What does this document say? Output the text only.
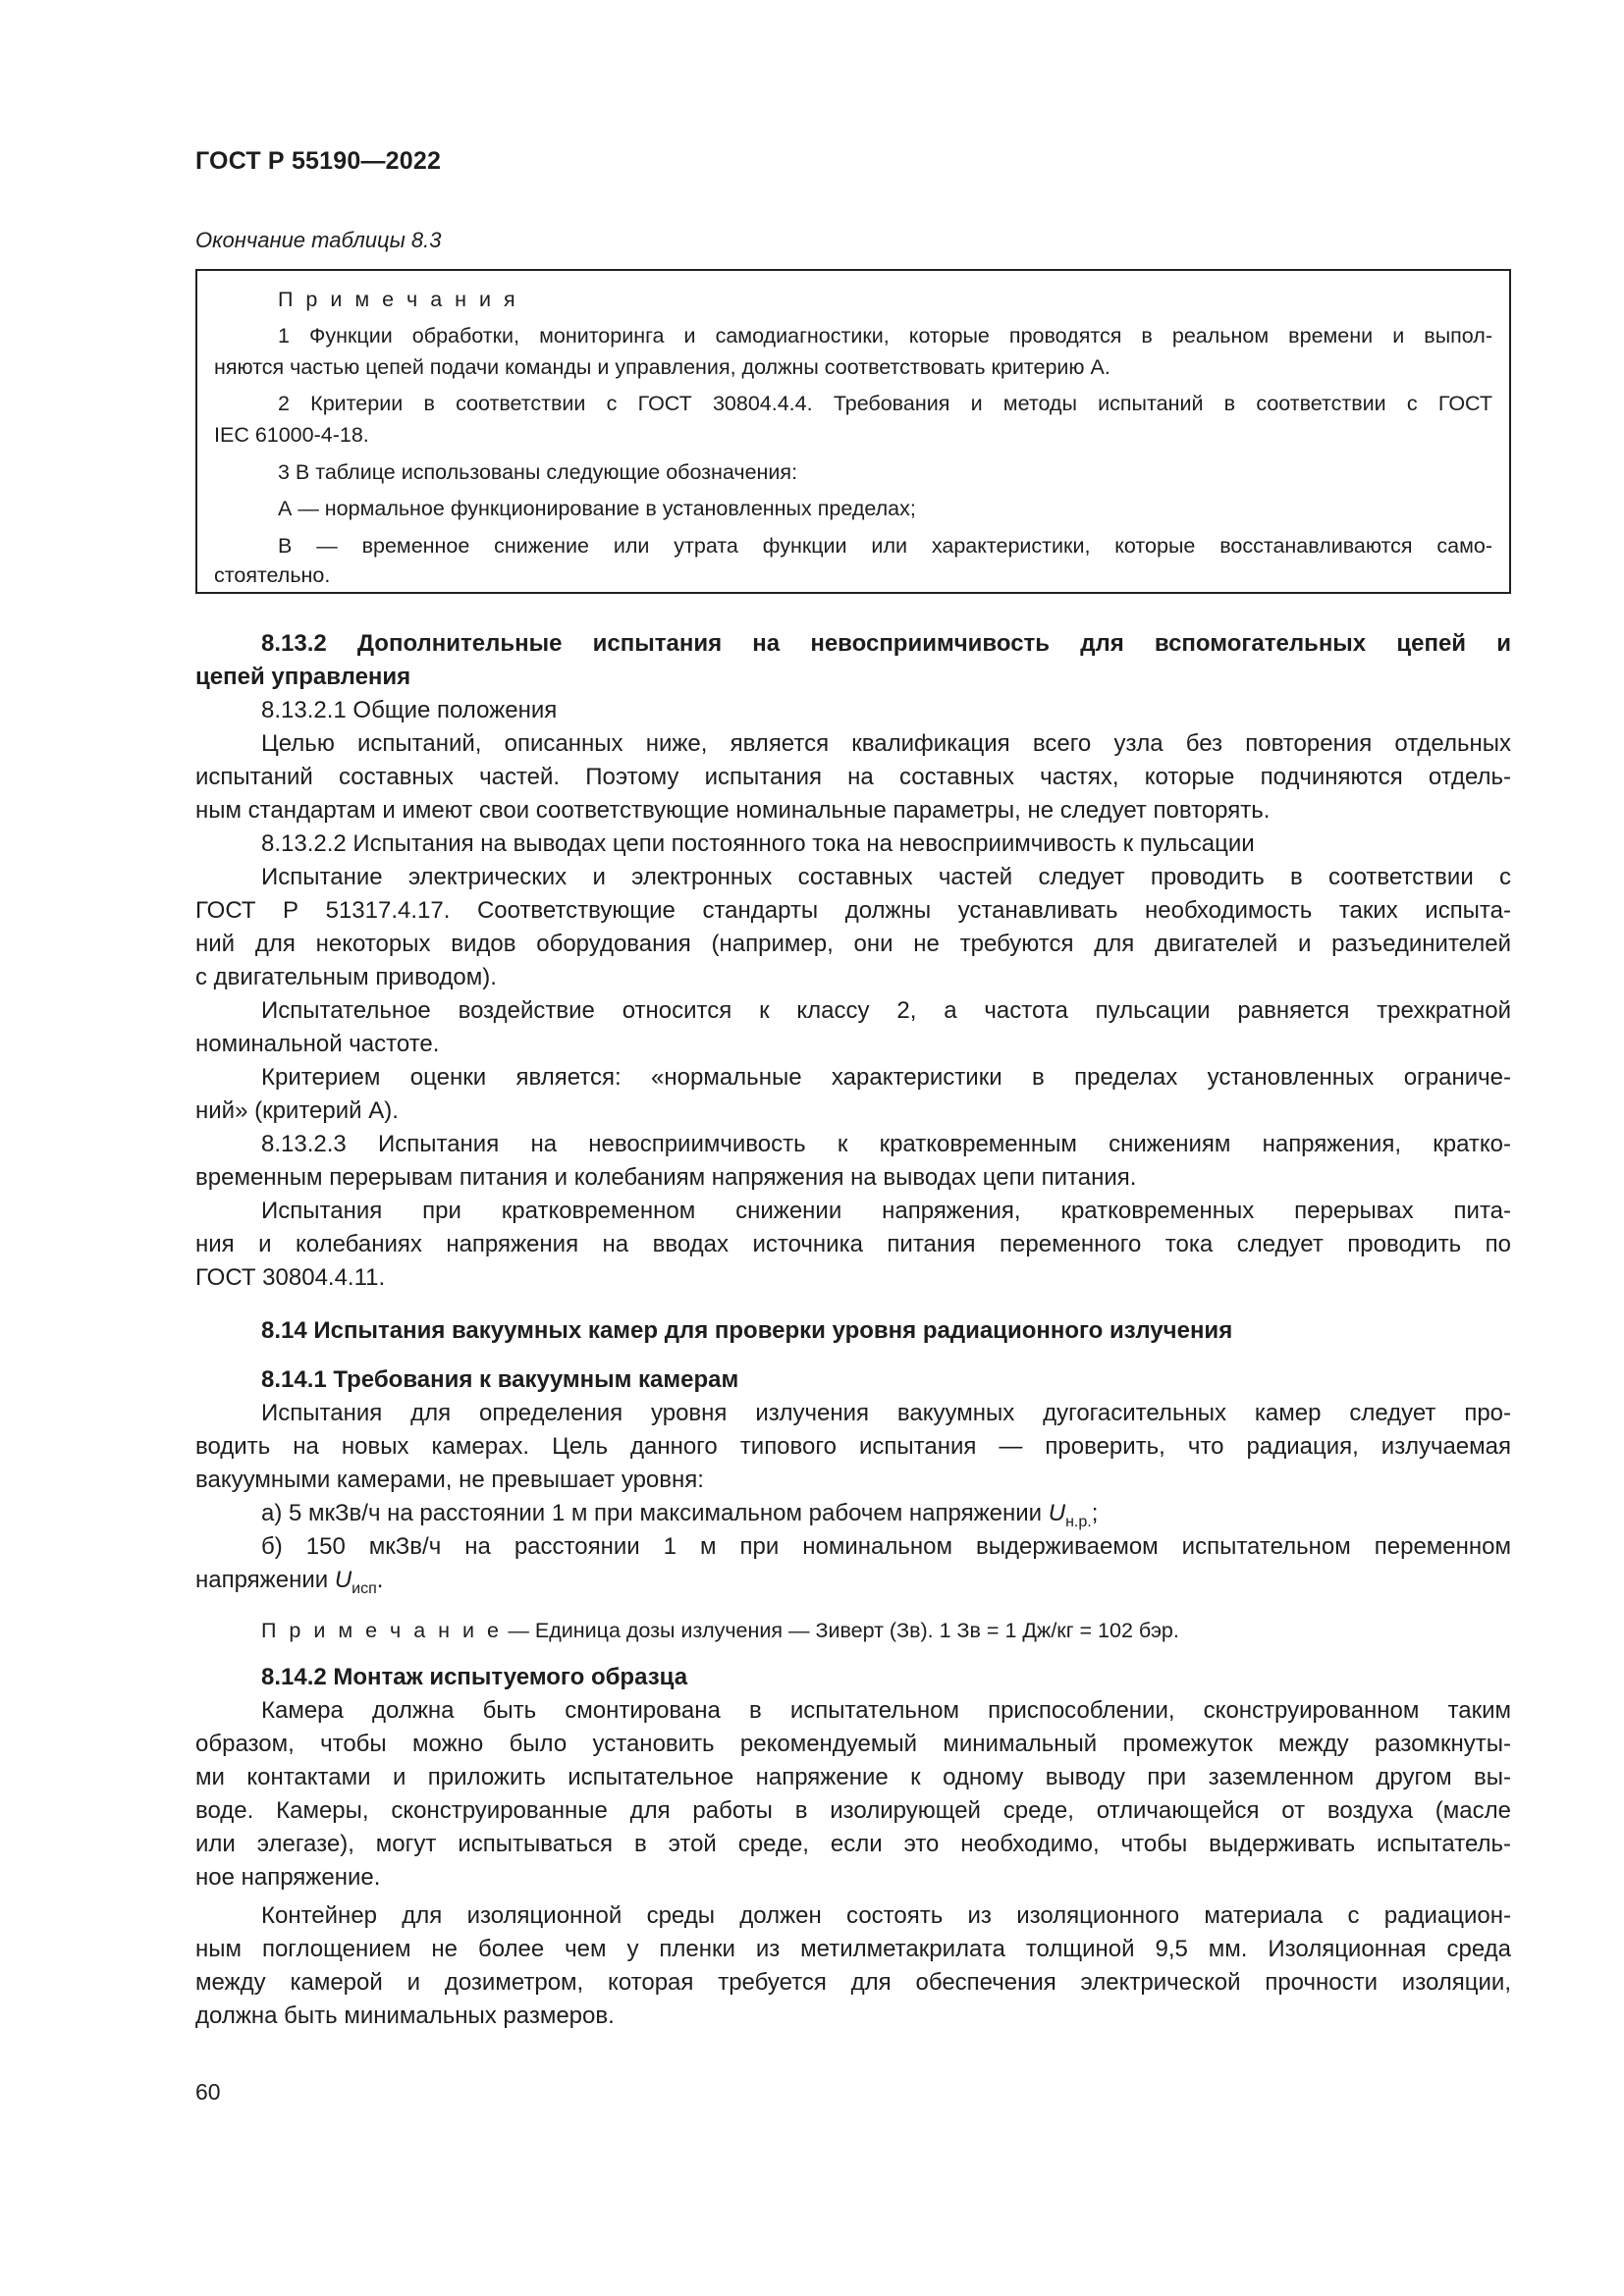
ГОСТ Р 55190—2022
Окончание таблицы 8.3
П р и м е ч а н и я
1 Функции обработки, мониторинга и самодиагностики, которые проводятся в реальном времени и выпол-
няются частью цепей подачи команды и управления, должны соответствовать критерию А.
2 Критерии в соответствии с ГОСТ 30804.4.4. Требования и методы испытаний в соответствии с ГОСТ
IEC 61000-4-18.
3 В таблице использованы следующие обозначения:
А — нормальное функционирование в установленных пределах;
В — временное снижение или утрата функции или характеристики, которые восстанавливаются само-
стоятельно.
8.13.2 Дополнительные испытания на невосприимчивость для вспомогательных цепей и
цепей управления
8.13.2.1 Общие положения
Целью испытаний, описанных ниже, является квалификация всего узла без повторения отдельных
испытаний составных частей. Поэтому испытания на составных частях, которые подчиняются отдель-
ным стандартам и имеют свои соответствующие номинальные параметры, не следует повторять.
8.13.2.2 Испытания на выводах цепи постоянного тока на невосприимчивость к пульсации
Испытание электрических и электронных составных частей следует проводить в соответствии с
ГОСТ Р 51317.4.17. Соответствующие стандарты должны устанавливать необходимость таких испыта-
ний для некоторых видов оборудования (например, они не требуются для двигателей и разъединителей
с двигательным приводом).
Испытательное воздействие относится к классу 2, а частота пульсации равняется трехкратной
номинальной частоте.
Критерием оценки является: «нормальные характеристики в пределах установленных ограниче-
ний» (критерий А).
8.13.2.3 Испытания на невосприимчивость к кратковременным снижениям напряжения, кратко-
временным перерывам питания и колебаниям напряжения на выводах цепи питания.
Испытания при кратковременном снижении напряжения, кратковременных перерывах пита-
ния и колебаниях напряжения на вводах источника питания переменного тока следует проводить по
ГОСТ 30804.4.11.
8.14 Испытания вакуумных камер для проверки уровня радиационного излучения
8.14.1 Требования к вакуумным камерам
Испытания для определения уровня излучения вакуумных дугогасительных камер следует про-
водить на новых камерах. Цель данного типового испытания — проверить, что радиация, излучаемая
вакуумными камерами, не превышает уровня:
а) 5 мкЗв/ч на расстоянии 1 м при максимальном рабочем напряжении $U_{н.р.}$;
б) 150 мкЗв/ч на расстоянии 1 м при номинальном выдерживаемом испытательном переменном
напряжении $U_{исп}$.
П р и м е ч а н и е — Единица дозы излучения — Зиверт (Зв). 1 Зв = 1 Дж/кг = 102 бэр.
8.14.2 Монтаж испытуемого образца
Камера должна быть смонтирована в испытательном приспособлении, сконструированном таким
образом, чтобы можно было установить рекомендуемый минимальный промежуток между разомкнуты-
ми контактами и приложить испытательное напряжение к одному выводу при заземленном другом вы-
воде. Камеры, сконструированные для работы в изолирующей среде, отличающейся от воздуха (масле
или элегазе), могут испытываться в этой среде, если это необходимо, чтобы выдерживать испытатель-
ное напряжение.
Контейнер для изоляционной среды должен состоять из изоляционного материала с радиацион-
ным поглощением не более чем у пленки из метилметакрилата толщиной 9,5 мм. Изоляционная среда
между камерой и дозиметром, которая требуется для обеспечения электрической прочности изоляции,
должна быть минимальных размеров.
60
